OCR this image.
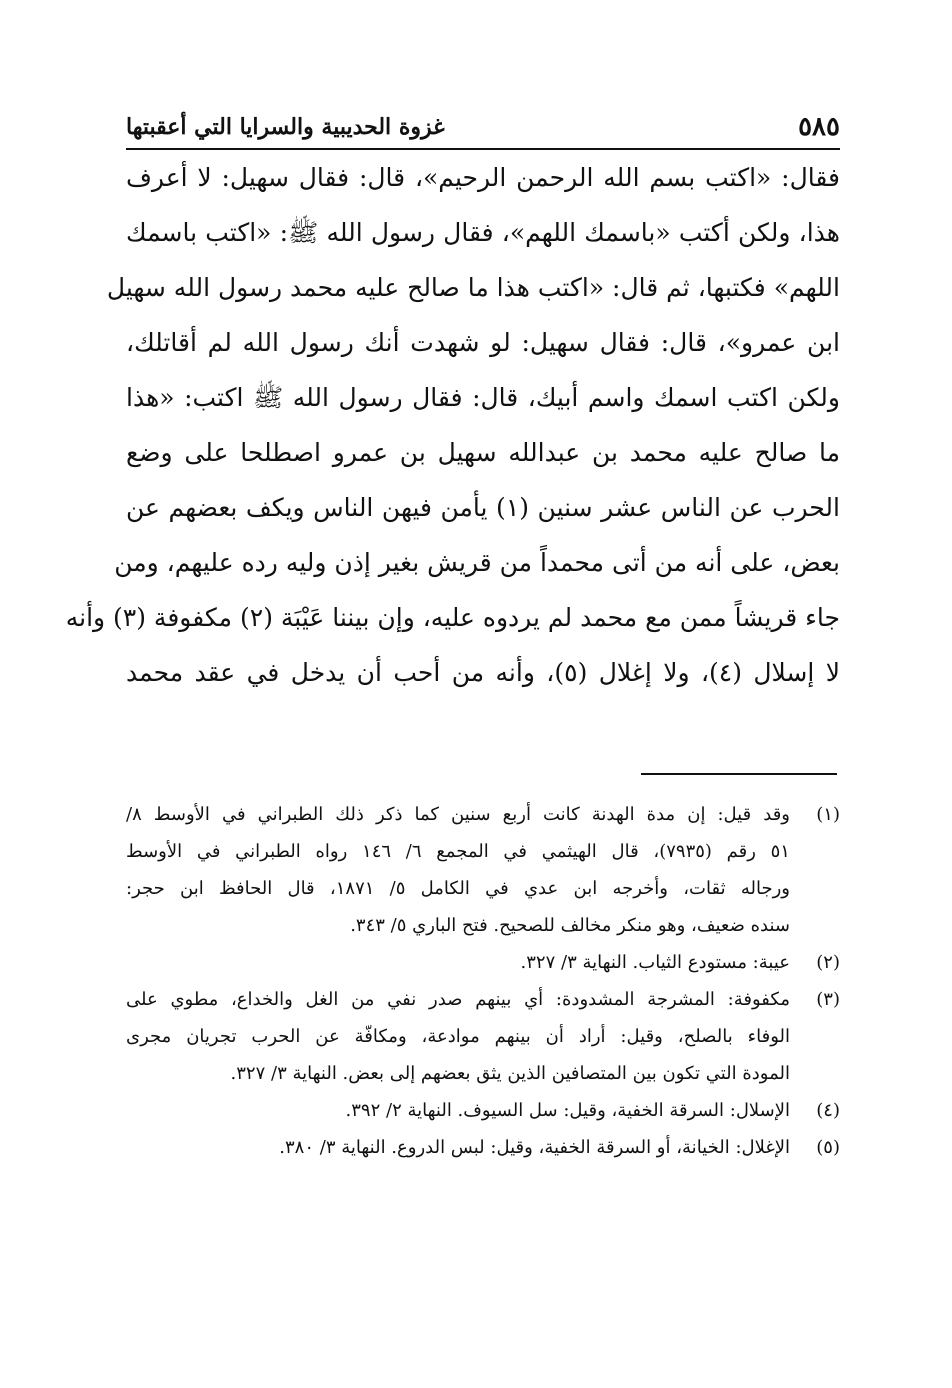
٥٨٥
غزوة الحديبية والسرايا التي أعقبتها
فقال: «اكتب بسم الله الرحمن الرحيم»، قال: فقال سهيل: لا أعرف
هذا، ولكن أكتب «باسمك اللهم»، فقال رسول الله ﷺ: «اكتب باسمك
اللهم» فكتبها، ثم قال: «اكتب هذا ما صالح عليه محمد رسول الله سهيل
ابن عمرو»، قال: فقال سهيل: لو شهدت أنك رسول الله لم أقاتلك،
ولكن اكتب اسمك واسم أبيك، قال: فقال رسول الله ﷺ اكتب: «هذا
ما صالح عليه محمد بن عبدالله سهيل بن عمرو اصطلحا على وضع
الحرب عن الناس عشر سنين (١) يأمن فيهن الناس ويكف بعضهم عن
بعض، على أنه من أتى محمداً من قريش بغير إذن وليه رده عليهم، ومن
جاء قريشاً ممن مع محمد لم يردوه عليه، وإن بيننا عَيْبَة (٢) مكفوفة (٣) وأنه
لا إسلال (٤)، ولا إغلال (٥)، وأنه من أحب أن يدخل في عقد محمد
(١)
وقد قيل: إن مدة الهدنة كانت أربع سنين كما ذكر ذلك الطبراني في الأوسط ٨/
٥١ رقم (٧٩٣٥)، قال الهيثمي في المجمع ٦/ ١٤٦ رواه الطبراني في الأوسط
ورجاله ثقات، وأخرجه ابن عدي في الكامل ٥/ ١٨٧١، قال الحافظ ابن حجر:
سنده ضعيف، وهو منكر مخالف للصحيح. فتح الباري ٥/ ٣٤٣.
(٢)
عيبة: مستودع الثياب. النهاية ٣/ ٣٢٧.
(٣)
مكفوفة: المشرجة المشدودة: أي بينهم صدر نفي من الغل والخداع، مطوي على
الوفاء بالصلح، وقيل: أراد أن بينهم موادعة، ومكافّة عن الحرب تجريان مجرى
المودة التي تكون بين المتصافين الذين يثق بعضهم إلى بعض. النهاية ٣/ ٣٢٧.
(٤)
الإسلال: السرقة الخفية، وقيل: سل السيوف. النهاية ٢/ ٣٩٢.
(٥)
الإغلال: الخيانة، أو السرقة الخفية، وقيل: لبس الدروع. النهاية ٣/ ٣٨٠.
